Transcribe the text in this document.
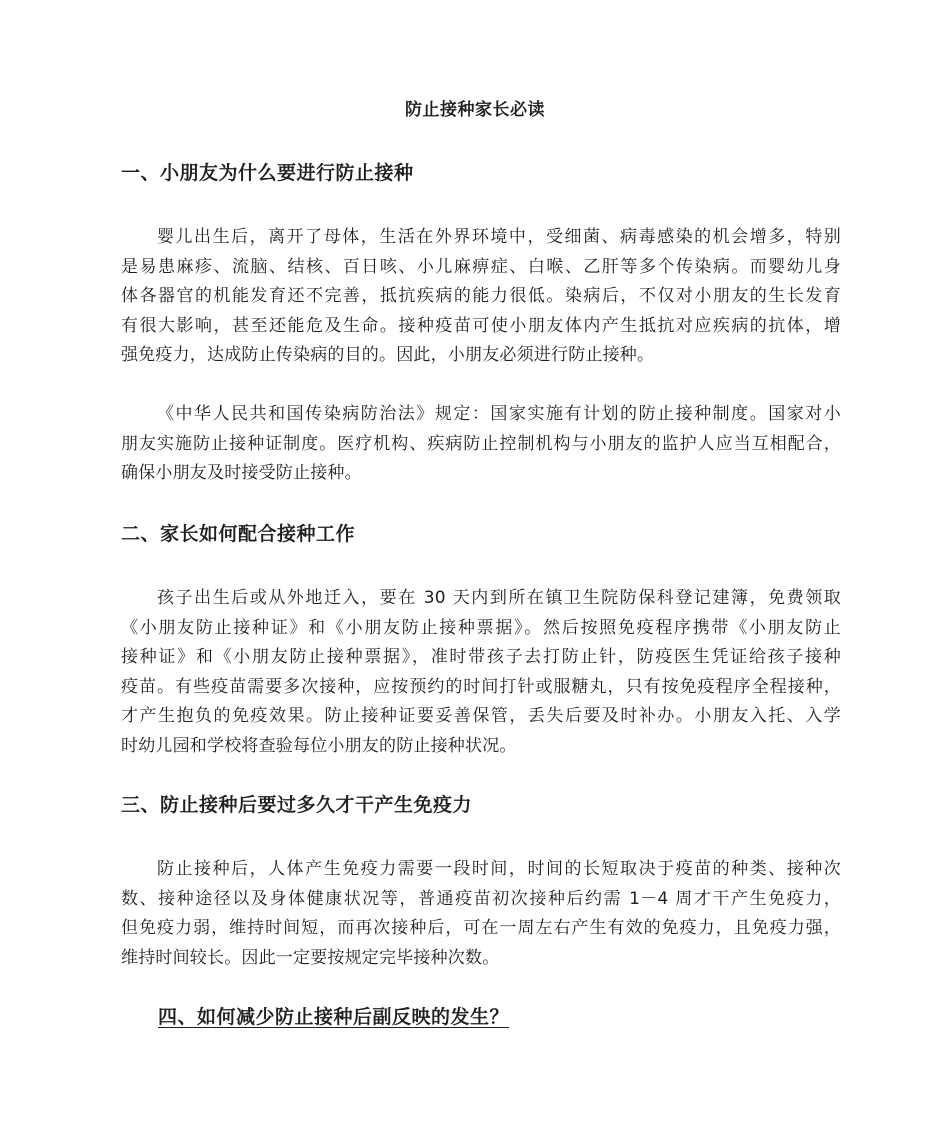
防止接种家长必读
一、小朋友为什么要进行防止接种
婴儿出生后，离开了母体，生活在外界环境中，受细菌、病毒感染的机会增多，特别
是易患麻疹、流脑、结核、百日咳、小儿麻痹症、白喉、乙肝等多个传染病。而婴幼儿身
体各器官的机能发育还不完善，抵抗疾病的能力很低。染病后，不仅对小朋友的生长发育
有很大影响，甚至还能危及生命。接种疫苗可使小朋友体内产生抵抗对应疾病的抗体，增
强免疫力，达成防止传染病的目的。因此，小朋友必须进行防止接种。
《中华人民共和国传染病防治法》规定：国家实施有计划的防止接种制度。国家对小
朋友实施防止接种证制度。医疗机构、疾病防止控制机构与小朋友的监护人应当互相配合，
确保小朋友及时接受防止接种。
二、家长如何配合接种工作
孩子出生后或从外地迁入，要在 30 天内到所在镇卫生院防保科登记建簿，免费领取
《小朋友防止接种证》和《小朋友防止接种票据》。然后按照免疫程序携带《小朋友防止
接种证》和《小朋友防止接种票据》，准时带孩子去打防止针，防疫医生凭证给孩子接种
疫苗。有些疫苗需要多次接种，应按预约的时间打针或服糖丸，只有按免疫程序全程接种，
才产生抱负的免疫效果。防止接种证要妥善保管，丢失后要及时补办。小朋友入托、入学
时幼儿园和学校将查验每位小朋友的防止接种状况。
三、防止接种后要过多久才干产生免疫力
防止接种后，人体产生免疫力需要一段时间，时间的长短取决于疫苗的种类、接种次
数、接种途径以及身体健康状况等，普通疫苗初次接种后约需 1－4 周才干产生免疫力，
但免疫力弱，维持时间短，而再次接种后，可在一周左右产生有效的免疫力，且免疫力强，
维持时间较长。因此一定要按规定完毕接种次数。
四、如何减少防止接种后副反映的发生？
